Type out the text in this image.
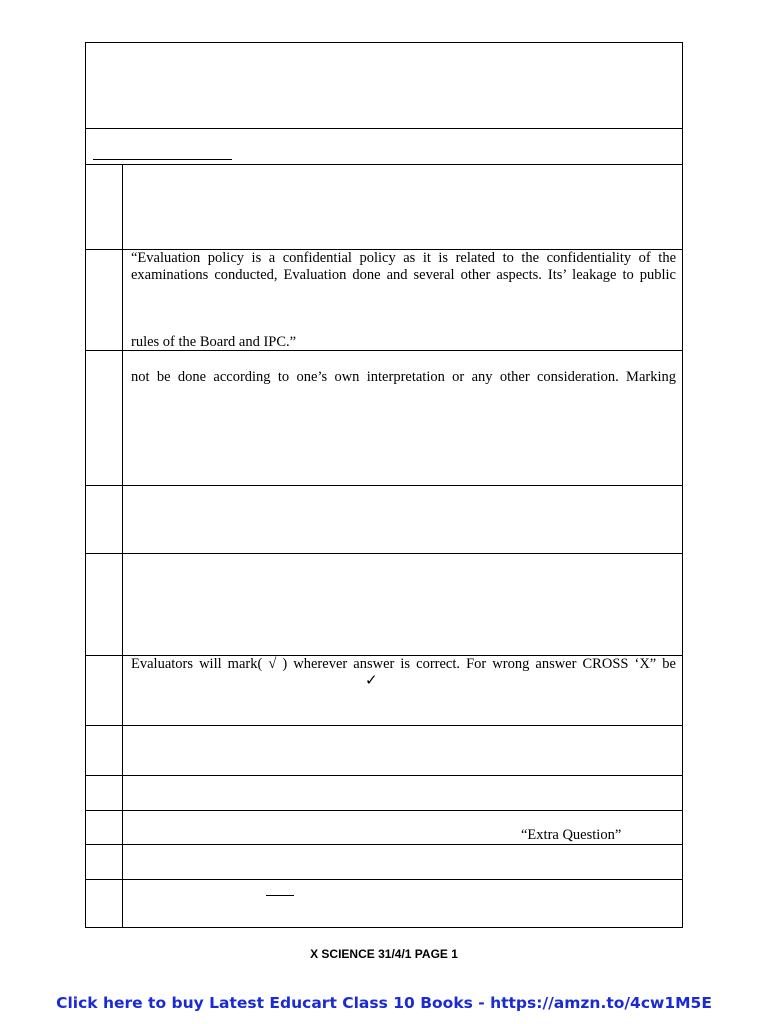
“Evaluation policy is a confidential policy as it is related to the confidentiality of the
examinations conducted, Evaluation done and several other aspects. Its’ leakage to public
rules of the Board and IPC.”
not be done according to one’s own interpretation or any other consideration. Marking
Evaluators will mark( √ ) wherever answer is correct. For wrong answer CROSS ‘X” be
✓
“Extra Question”
X SCIENCE 31/4/1 PAGE 1
Click here to buy Latest Educart Class 10 Books - https://amzn.to/4cw1M5E
